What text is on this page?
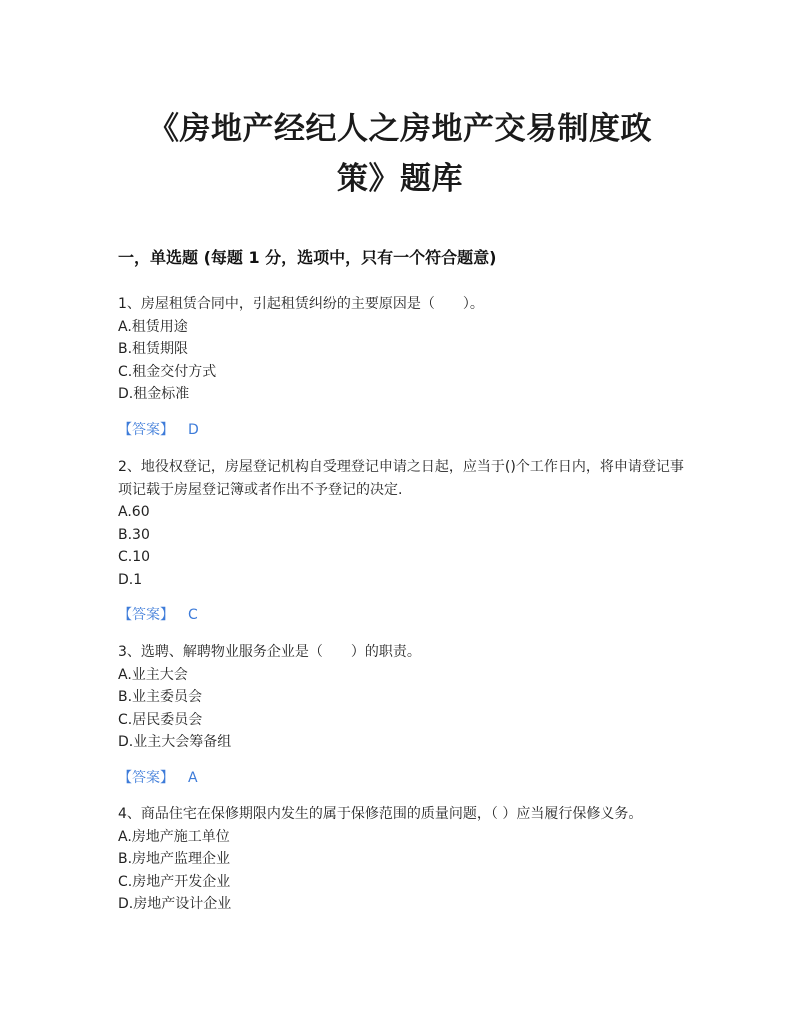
《房地产经纪人之房地产交易制度政
策》题库
一，单选题 (每题 1 分，选项中，只有一个符合题意)

1、房屋租赁合同中，引起租赁纠纷的主要原因是（　　）。

A.租赁用途

B.租赁期限

C.租金交付方式

D.租金标准

【答案】 D

2、地役权登记，房屋登记机构自受理登记申请之日起，应当于()个工作日内，将申请登记事项记载于房屋登记簿或者作出不予登记的决定.

A.60

B.30

C.10

D.1

【答案】 C

3、选聘、解聘物业服务企业是（　　）的职责。

A.业主大会

B.业主委员会

C.居民委员会

D.业主大会筹备组

【答案】 A

4、商品住宅在保修期限内发生的属于保修范围的质量问题，（ ）应当履行保修义务。

A.房地产施工单位

B.房地产监理企业

C.房地产开发企业

D.房地产设计企业
